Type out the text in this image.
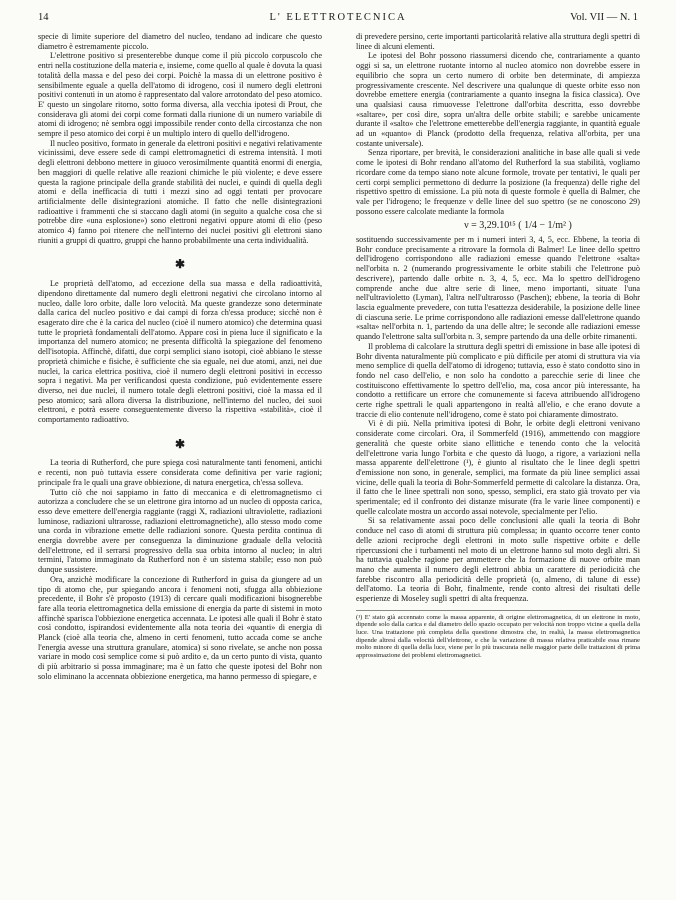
14	L' ELETTROTECNICA	Vol. VII — N. 1

specie di limite superiore del diametro del nucleo, tendano ad indicare che questo diametro è estremamente piccolo.

L'elettrone positivo si presenterebbe dunque come il più piccolo corpuscolo che entri nella costituzione della materia e, insieme, come quello al quale è dovuta la quasi totalità della massa e del peso dei corpi. Poichè la massa di un elettrone positivo è sensibilmente eguale a quella dell'atomo di idrogeno, così il numero degli elettroni positivi contenuti in un atomo è rappresentato dal valore arrotondato del peso atomico. E' questo un singolare ritorno, sotto forma diversa, alla vecchia ipotesi di Prout, che considerava gli atomi dei corpi come formati dalla riunione di un numero variabile di atomi di idrogeno; nè sembra oggi impossibile render conto della circostanza che non sempre il peso atomico dei corpi è un multiplo intero di quello dell'idrogeno.

Il nucleo positivo, formato in generale da elettroni positivi e negativi relativamente vicinissimi, deve essere sede di campi elettromagnetici di estrema intensità. I moti degli elettroni debbono mettere in giuoco verosimilmente quantità enormi di energia, ben maggiori di quelle relative alle reazioni chimiche le più violente; e deve essere questa la ragione principale della grande stabilità dei nuclei, e quindi di quella degli atomi e della inefficacia di tutti i mezzi sino ad oggi tentati per provocare artificialmente delle disintegrazioni atomiche. Il fatto che nelle disintegrazioni radioattive i frammenti che si staccano dagli atomi (in seguito a qualche cosa che si potrebbe dire «una esplosione») sono elettroni negativi oppure atomi di elio (peso atomico 4) fanno poi ritenere che nell'interno dei nuclei positivi gli elettroni siano riuniti a gruppi di quattro, gruppi che hanno probabilmente una certa individualità.

✱

Le proprietà dell'atomo, ad eccezione della sua massa e della radioattività, dipendono direttamente dal numero degli elettroni negativi che circolano intorno al nucleo, dalle loro orbite, dalle loro velocità. Ma queste grandezze sono determinate dalla carica del nucleo positivo e dai campi di forza ch'essa produce; sicchè non è esagerato dire che è la carica del nucleo (cioè il numero atomico) che determina quasi tutte le proprietà fondamentali dell'atomo. Appare così in piena luce il significato e la importanza del numero atomico; ne presenta difficoltà la spiegazione del fenomeno dell'isotopia. Affinchè, difatti, due corpi semplici siano isotopi, cioè abbiano le stesse proprietà chimiche e fisiche, è sufficiente che sia eguale, nei due atomi, anzi, nei due nuclei, la carica elettrica positiva, cioè il numero degli elettroni positivi in eccesso sopra i negativi. Ma per verificandosi questa condizione, può evidentemente essere diverso, nei due nuclei, il numero totale degli elettroni positivi, cioè la massa ed il peso atomico; sarà allora diversa la distribuzione, nell'interno del nucleo, dei suoi elettroni, e potrà essere conseguentemente diverso la rispettiva «stabilità», cioè il comportamento radioattivo.

✱

La teoria di Rutherford, che pure spiega così naturalmente tanti fenomeni, antichi e recenti, non può tuttavia essere considerata come definitiva per varie ragioni; principale fra le quali una grave obbiezione, di natura energetica, ch'essa solleva.

Tutto ciò che noi sappiamo in fatto di meccanica e di elettromagnetismo ci autorizza a concludere che se un elettrone gira intorno ad un nucleo di opposta carica, esso deve emettere dell'energia raggiante (raggi X, radiazioni ultraviolette, radiazioni luminose, radiazioni ultrarosse, radiazioni elettromagnetiche), allo stesso modo come una corda in vibrazione emette delle radiazioni sonore. Questa perdita continua di energia dovrebbe avere per conseguenza la diminuzione graduale della velocità dell'elettrone, ed il serrarsi progressivo della sua orbita intorno al nucleo; in altri termini, l'atomo immaginato da Rutherford non è un sistema stabile; esso non può dunque sussistere.

Ora, anzichè modificare la concezione di Rutherford in guisa da giungere ad un tipo di atomo che, pur spiegando ancora i fenomeni noti, sfugga alla obbiezione precedente, il Bohr s'è proposto (1913) di cercare quali modificazioni bisognerebbe fare alla teoria elettromagnetica della emissione di energia da parte di sistemi in moto affinchè sparisca l'obbiezione energetica accennata. Le ipotesi alle quali il Bohr è stato così condotto, ispirandosi evidentemente alla nota teoria dei «quanti» di energia di Planck (cioè alla teoria che, almeno in certi fenomeni, tutto accada come se anche l'energia avesse una struttura granulare, atomica) si sono rivelate, se anche non possa variare in modo così semplice come si può ardito e, da un certo punto di vista, quanto di più arbitrario si possa immaginare; ma è un fatto che queste ipotesi del Bohr non solo eliminano la accennata obbiezione energetica, ma hanno permesso di spiegare, e

di prevedere persino, certe importanti particolarità relative alla struttura degli spettri di linee di alcuni elementi.

Le ipotesi del Bohr possono riassumersi dicendo che, contrariamente a quanto oggi si sa, un elettrone ruotante intorno al nucleo atomico non dovrebbe essere in equilibrio che sopra un certo numero di orbite ben determinate, di ampiezza progressivamente crescente. Nel descrivere una qualunque di queste orbite esso non dovrebbe emettere energia (contrariamente a quanto insegna la fisica classica). Ove una qualsiasi causa rimuovesse l'elettrone dall'orbita descritta, esso dovrebbe «saltare», per così dire, sopra un'altra delle orbite stabili; e sarebbe unicamente durante il «salto» che l'elettrone emetterebbe dell'energia raggiante, in quantità eguale ad un «quanto» di Planck (prodotto della frequenza, relativa all'orbita, per una costante universale).

Senza riportare, per brevità, le considerazioni analitiche in base alle quali si vede come le ipotesi di Bohr rendano all'atomo del Rutherford la sua stabilità, vogliamo ricordare come da tempo siano note alcune formole, trovate per tentativi, le quali per certi corpi semplici permettono di dedurre la posizione (la frequenza) delle righe del rispettivo spettro di emissione. La più nota di queste formole è quella di Balmer, che vale per l'idrogeno; le frequenze ν delle linee del suo spettro (se ne conoscono 29) possono essere calcolate mediante la formola

ν = 3,29.10¹⁵ ( 1/4 − 1/m² )

sostituendo successivamente per m i numeri interi 3, 4, 5, ecc. Ebbene, la teoria di Bohr conduce precisamente a ritrovare la formola di Balmer! Le linee dello spettro dell'idrogeno corrispondono alle radiazioni emesse quando l'elettrone «salta» nell'orbita n. 2 (numerando progressivamente le orbite stabili che l'elettrone può descrivere), partendo dalle orbite n. 3, 4, 5, ecc. Ma lo spettro dell'idrogeno comprende anche due altre serie di linee, meno importanti, situate l'una nell'ultravioletto (Lyman), l'altra nell'ultrarosso (Paschen); ebbene, la teoria di Bohr lascia egualmente prevedere, con tutta l'esattezza desiderabile, la posizione delle linee di ciascuna serie. Le prime corrispondono alle radiazioni emesse dall'elettrone quando «salta» nell'orbita n. 1, partendo da una delle altre; le seconde alle radiazioni emesse quando l'elettrone salta sull'orbita n. 3, sempre partendo da una delle orbite rimanenti.

Il problema di calcolare la struttura degli spettri di emissione in base alle ipotesi di Bohr diventa naturalmente più complicato e più difficile per atomi di struttura via via meno semplice di quella dell'atomo di idrogeno; tuttavia, esso è stato condotto sino in fondo nel caso dell'elio, e non solo ha condotto a parecchie serie di linee che costituiscono effettivamente lo spettro dell'elio, ma, cosa ancor più interessante, ha condotto a rettificare un errore che comunemente si faceva attribuendo all'idrogeno certe righe spettrali le quali appartengono in realtà all'elio, e che erano dovute a traccie di elio contenute nell'idrogeno, come è stato poi chiaramente dimostrato.

Vi è di più. Nella primitiva ipotesi di Bohr, le orbite degli elettroni venivano considerate come circolari. Ora, il Sommerfeld (1916), ammettendo con maggiore generalità che queste orbite siano ellittiche e tenendo conto che la velocità dell'elettrone varia lungo l'orbita e che questo dà luogo, a rigore, a variazioni nella massa apparente dell'elettrone (¹), è giunto al risultato che le linee degli spettri d'emissione non sono, in generale, semplici, ma formate da più linee semplici assai vicine, delle quali la teoria di Bohr-Sommerfeld permette di calcolare la distanza. Ora, il fatto che le linee spettrali non sono, spesso, semplici, era stato già trovato per via sperimentale; ed il confronto dei distanze misurate (fra le varie linee componenti) e quelle calcolate mostra un accordo assai notevole, specialmente per l'elio.

Si sa relativamente assai poco delle conclusioni alle quali la teoria di Bohr conduce nel caso di atomi di struttura più complessa; in quanto occorre tener conto delle azioni reciproche degli elettroni in moto sulle rispettive orbite e delle ripercussioni che i turbamenti nel moto di un elettrone hanno sul moto degli altri. Si ha tuttavia qualche ragione per ammettere che la formazione di nuove orbite man mano che aumenta il numero degli elettroni abbia un carattere di periodicità che farebbe riscontro alla periodicità delle proprietà (o, almeno, di talune di esse) dell'atomo. La teoria di Bohr, finalmente, rende conto altresì dei risultati delle esperienze di Moseley sugli spettri di alta frequenza.

(¹) E' stato già accennato come la massa apparente, di origine elettromagnetica, di un elettrone in moto, dipende solo dalla carica e dal diametro dello spazio occupato per velocità non troppo vicine a quella della luce. Una trattazione più completa della questione dimostra che, in realtà, la massa elettromagnetica dipende altresì dalla velocità dell'elettrone, e che la variazione di massa relativa praticabile essa rimane molto minore di quella della luce, viene per lo più trascurata nelle maggior parte delle trattazioni di prima approssimazione dei problemi elettromagnetici.
